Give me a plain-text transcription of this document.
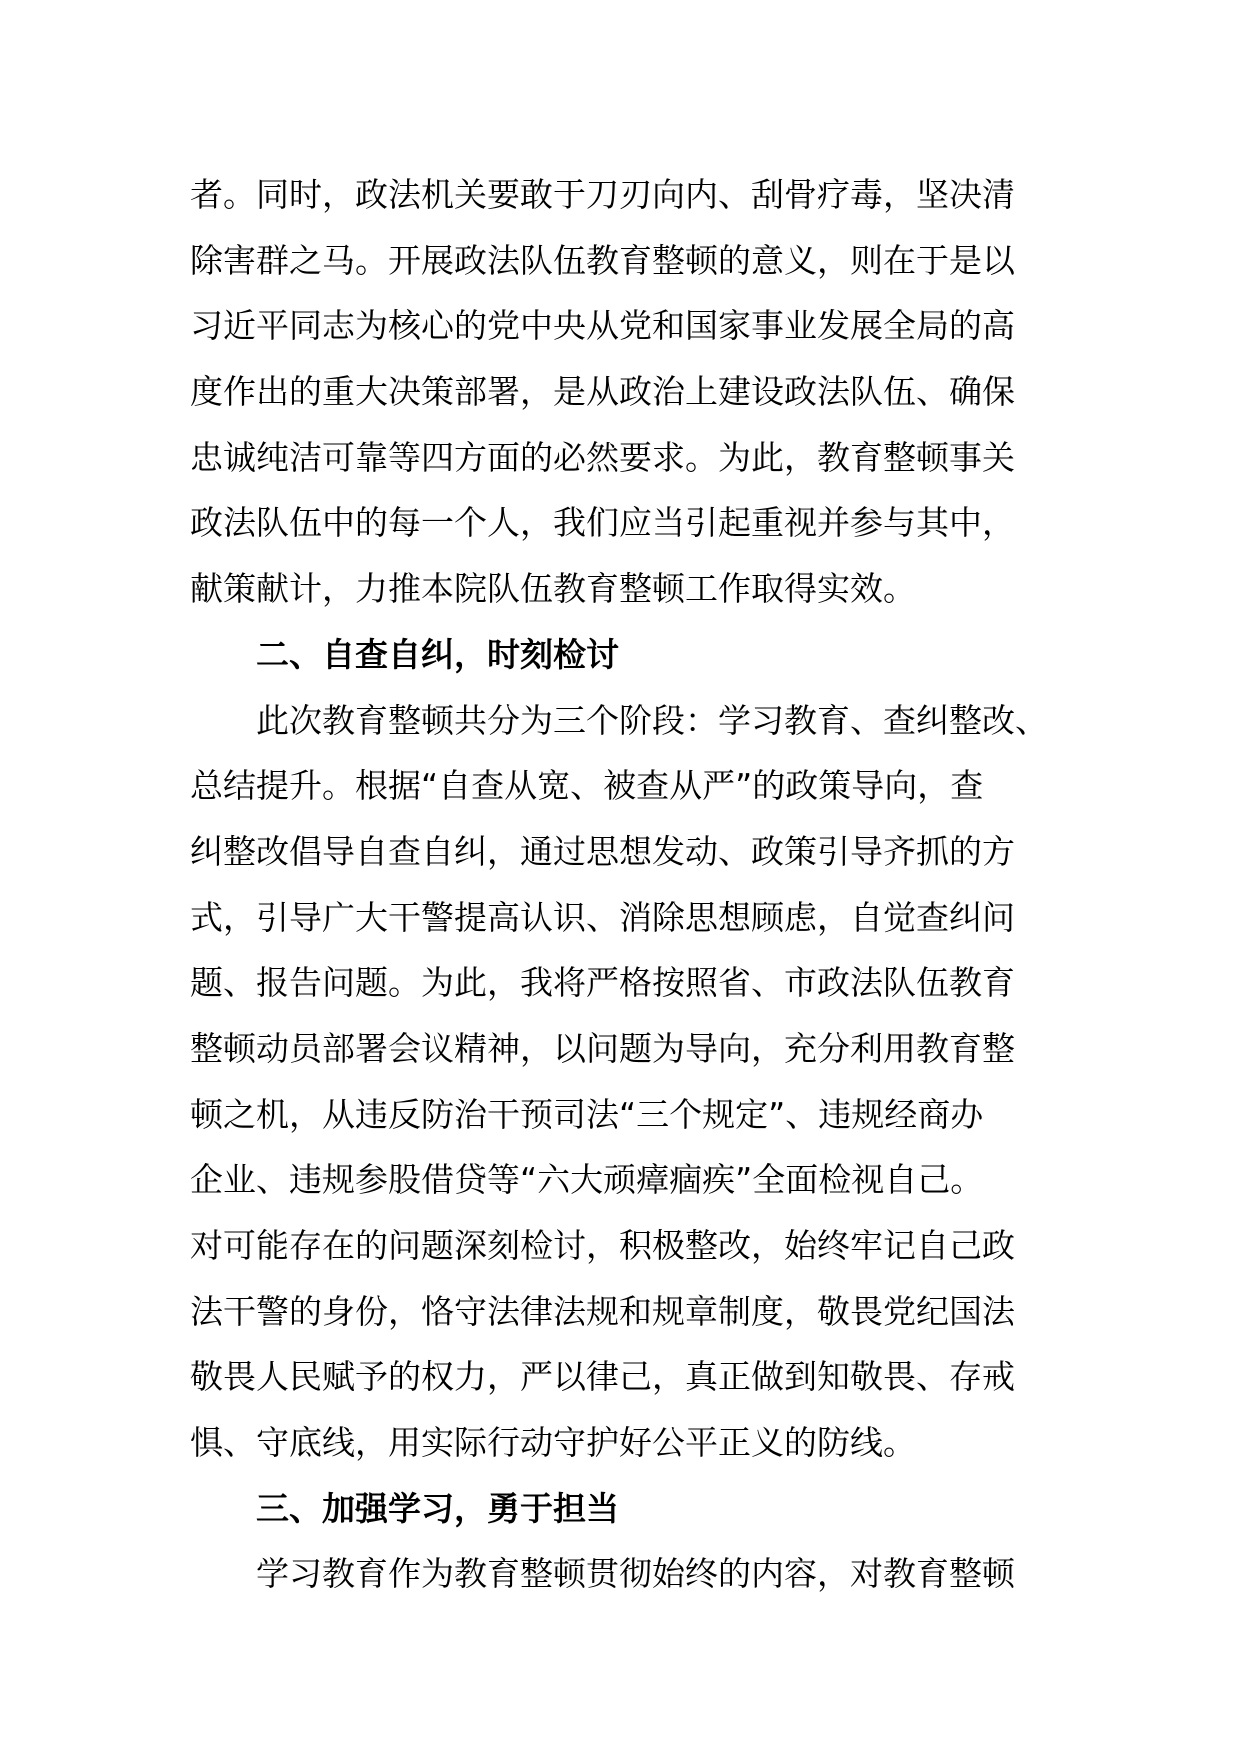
者。同时，政法机关要敢于刀刃向内、刮骨疗毒，坚决清
除害群之马。开展政法队伍教育整顿的意义，则在于是以
习近平同志为核心的党中央从党和国家事业发展全局的高
度作出的重大决策部署，是从政治上建设政法队伍、确保
忠诚纯洁可靠等四方面的必然要求。为此，教育整顿事关
政法队伍中的每一个人，我们应当引起重视并参与其中，
献策献计，力推本院队伍教育整顿工作取得实效。
二、自查自纠，时刻检讨
此次教育整顿共分为三个阶段：学习教育、查纠整改、
总结提升。根据“自查从宽、被查从严”的政策导向，查
纠整改倡导自查自纠，通过思想发动、政策引导齐抓的方
式，引导广大干警提高认识、消除思想顾虑，自觉查纠问
题、报告问题。为此，我将严格按照省、市政法队伍教育
整顿动员部署会议精神，以问题为导向，充分利用教育整
顿之机，从违反防治干预司法“三个规定”、违规经商办
企业、违规参股借贷等“六大顽瘴痼疾”全面检视自己。
对可能存在的问题深刻检讨，积极整改，始终牢记自己政
法干警的身份，恪守法律法规和规章制度，敬畏党纪国法
敬畏人民赋予的权力，严以律己，真正做到知敬畏、存戒
惧、守底线，用实际行动守护好公平正义的防线。
三、加强学习，勇于担当
学习教育作为教育整顿贯彻始终的内容，对教育整顿
